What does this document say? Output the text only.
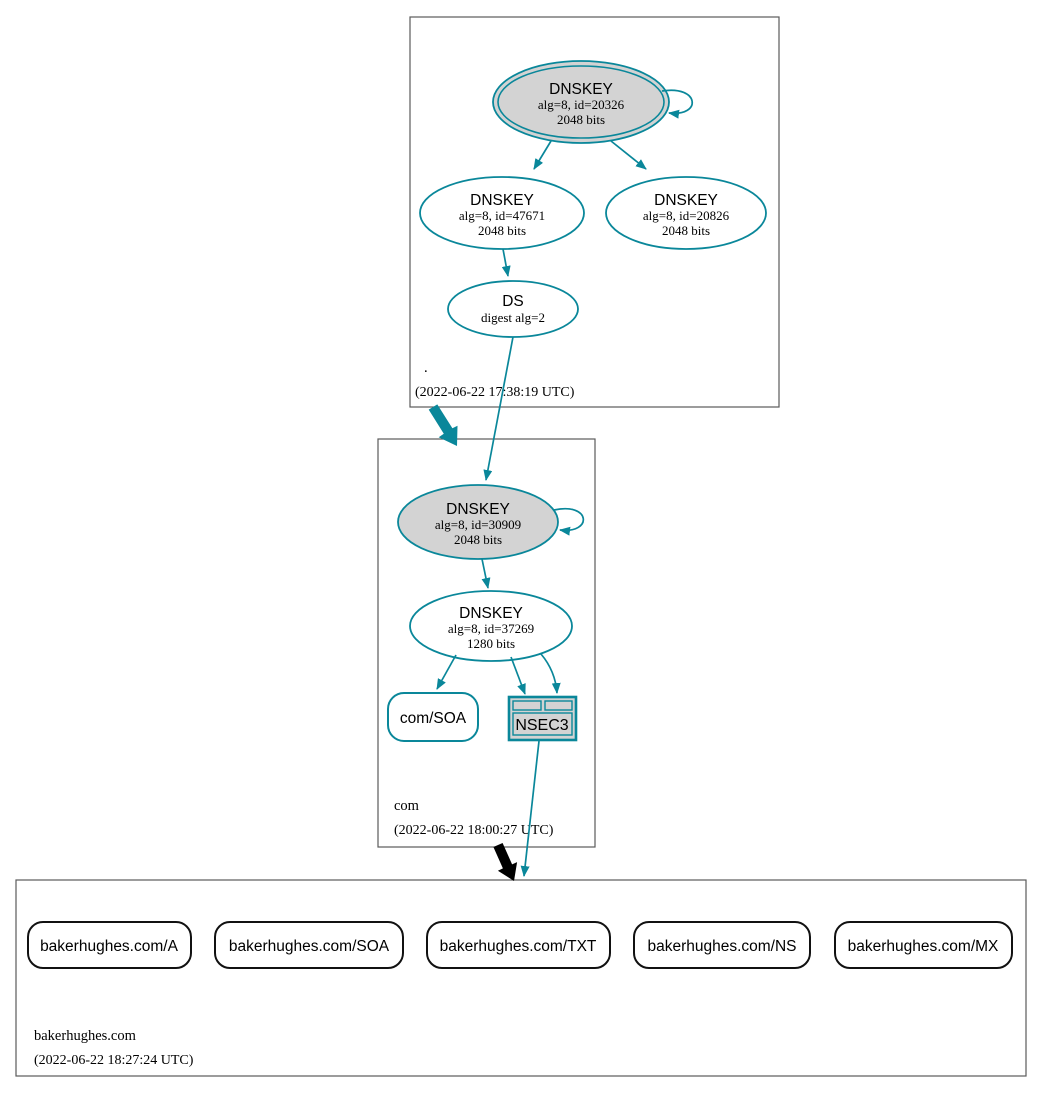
.
(2022-06-22 17:38:19 UTC)
DNSKEY
alg=8, id=20326
2048 bits
DNSKEY
alg=8, id=47671
2048 bits
DNSKEY
alg=8, id=20826
2048 bits
DS
digest alg=2
com
(2022-06-22 18:00:27 UTC)
DNSKEY
alg=8, id=30909
2048 bits
DNSKEY
alg=8, id=37269
1280 bits
com/SOA	NSEC3
bakerhughes.com
(2022-06-22 18:27:24 UTC)
bakerhughes.com/A	bakerhughes.com/SOA	bakerhughes.com/TXT	bakerhughes.com/NS	bakerhughes.com/MX
